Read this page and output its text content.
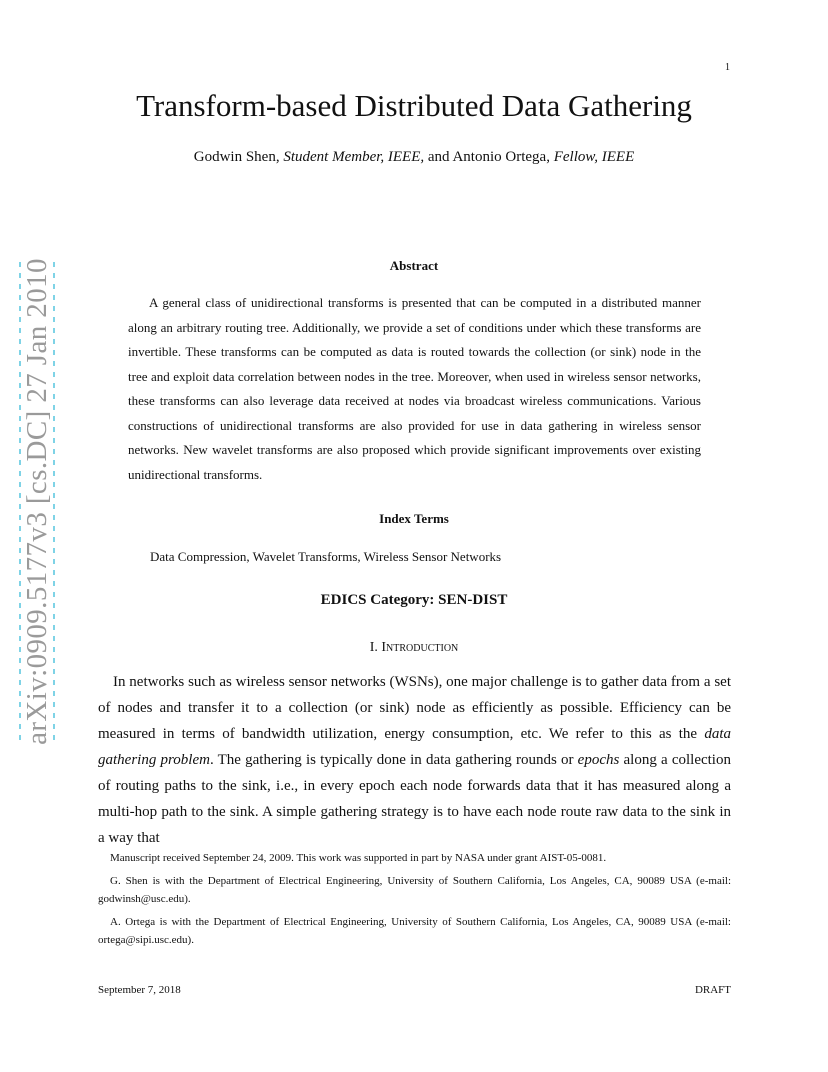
1
arXiv:0909.5177v3 [cs.DC] 27 Jan 2010
Transform-based Distributed Data Gathering
Godwin Shen, Student Member, IEEE, and Antonio Ortega, Fellow, IEEE
Abstract

A general class of unidirectional transforms is presented that can be computed in a distributed manner along an arbitrary routing tree. Additionally, we provide a set of conditions under which these transforms are invertible. These transforms can be computed as data is routed towards the collection (or sink) node in the tree and exploit data correlation between nodes in the tree. Moreover, when used in wireless sensor networks, these transforms can also leverage data received at nodes via broadcast wireless communications. Various constructions of unidirectional transforms are also provided for use in data gathering in wireless sensor networks. New wavelet transforms are also proposed which provide significant improvements over existing unidirectional transforms.

Index Terms
Data Compression, Wavelet Transforms, Wireless Sensor Networks
EDICS Category: SEN-DIST
I. Introduction

In networks such as wireless sensor networks (WSNs), one major challenge is to gather data from a set of nodes and transfer it to a collection (or sink) node as efficiently as possible. Efficiency can be measured in terms of bandwidth utilization, energy consumption, etc. We refer to this as the data gathering problem. The gathering is typically done in data gathering rounds or epochs along a collection of routing paths to the sink, i.e., in every epoch each node forwards data that it has measured along a multi-hop path to the sink. A simple gathering strategy is to have each node route raw data to the sink in a way that

Manuscript received September 24, 2009. This work was supported in part by NASA under grant AIST-05-0081.

G. Shen is with the Department of Electrical Engineering, University of Southern California, Los Angeles, CA, 90089 USA (e-mail: godwinsh@usc.edu).

A. Ortega is with the Department of Electrical Engineering, University of Southern California, Los Angeles, CA, 90089 USA (e-mail: ortega@sipi.usc.edu).

September 7, 2018	DRAFT
